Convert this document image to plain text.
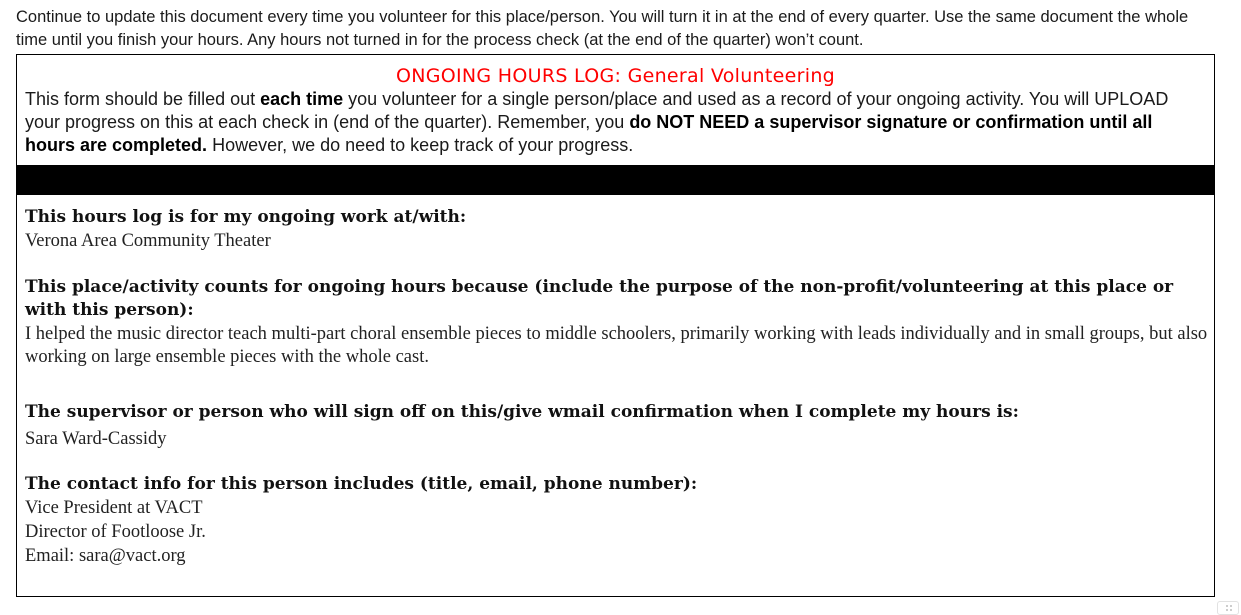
Continue to update this document every time you volunteer for this place/person. You will turn it in at the end of every quarter. Use the same document the whole time until you finish your hours. Any hours not turned in for the process check (at the end of the quarter) won’t count.
ONGOING HOURS LOG: General Volunteering
This form should be filled out each time you volunteer for a single person/place and used as a record of your ongoing activity. You will UPLOAD your progress on this at each check in (end of the quarter). Remember, you do NOT NEED a supervisor signature or confirmation until all hours are completed. However, we do need to keep track of your progress.
This hours log is for my ongoing work at/with:
Verona Area Community Theater
This place/activity counts for ongoing hours because (include the purpose of the non-profit/volunteering at this place or with this person):
I helped the music director teach multi-part choral ensemble pieces to middle schoolers, primarily working with leads individually and in small groups, but also working on large ensemble pieces with the whole cast.
The supervisor or person who will sign off on this/give wmail confirmation when I complete my hours is:
Sara Ward-Cassidy
The contact info for this person includes (title, email, phone number):
Vice President at VACT
Director of Footloose Jr.
Email: sara@vact.org
